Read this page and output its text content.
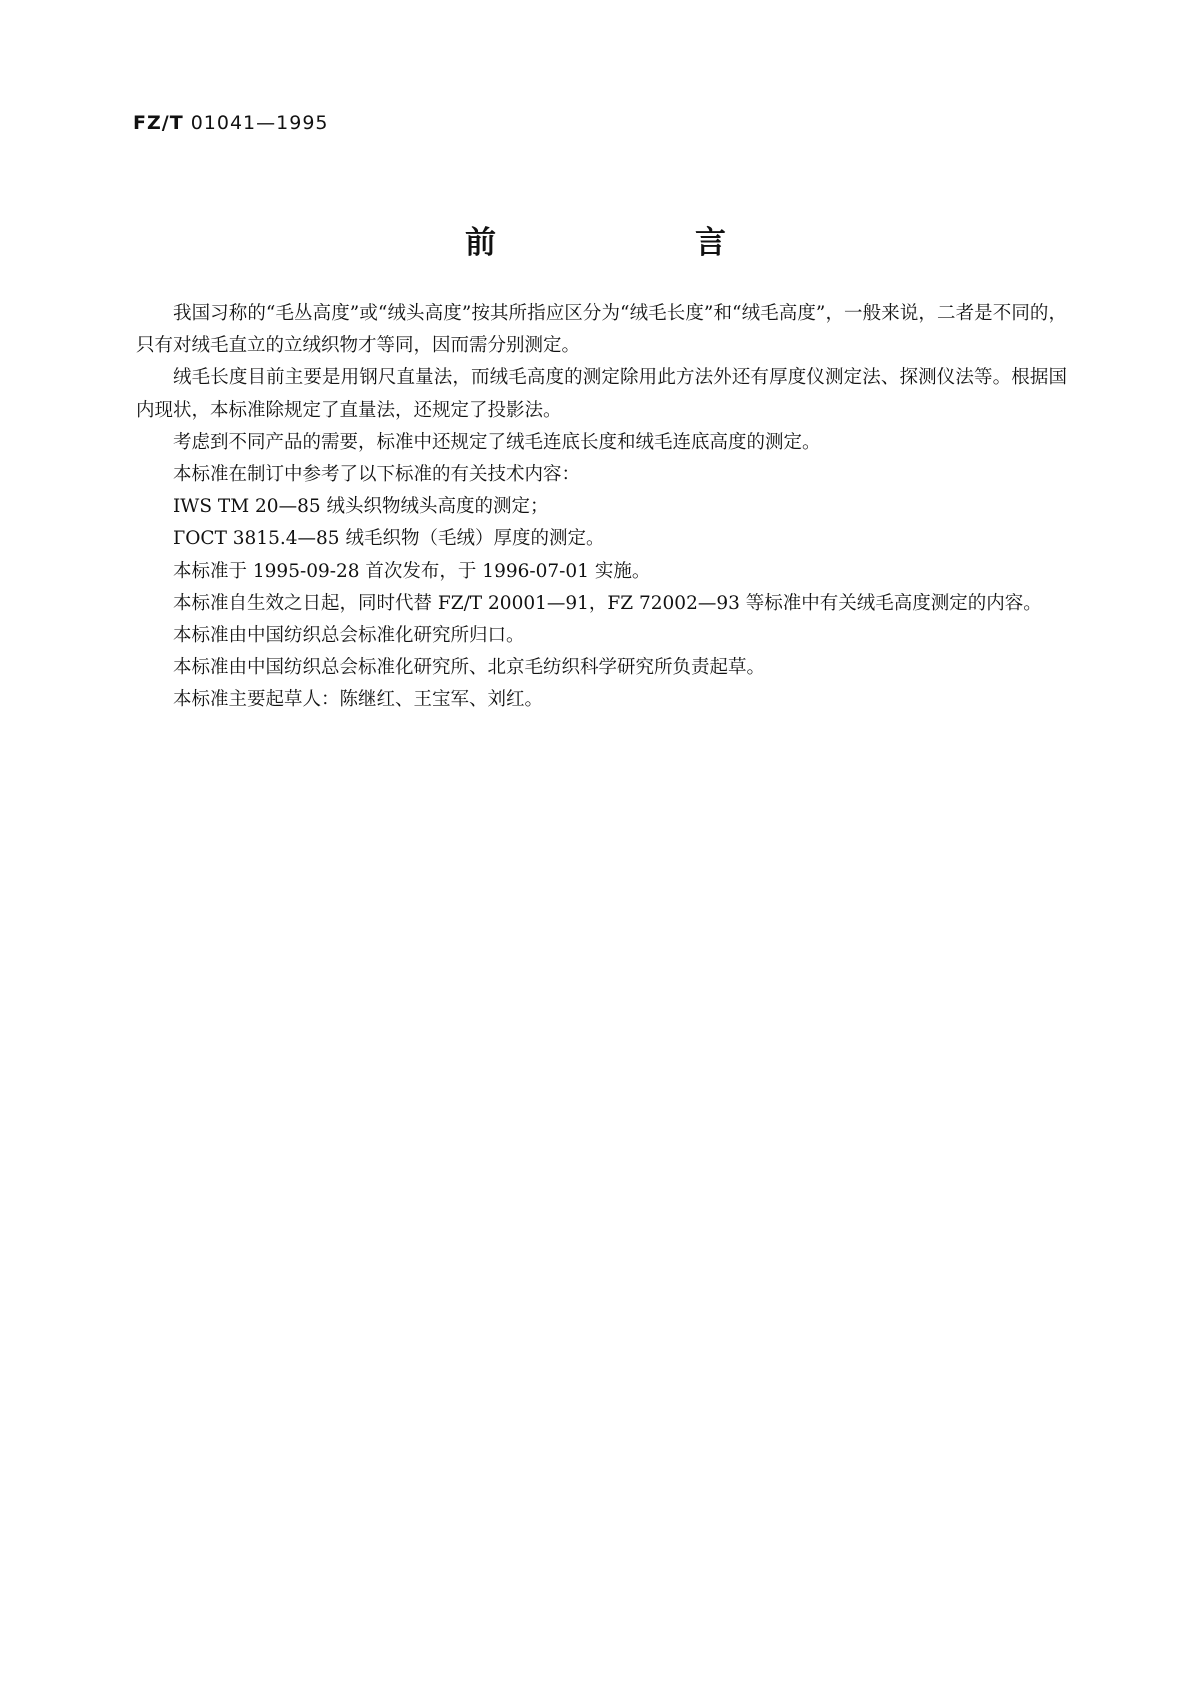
FZ/T 01041—1995

前　言

我国习称的“毛丛高度”或“绒头高度”按其所指应区分为“绒毛长度”和“绒毛高度”，一般来说，二者是不同的，只有对绒毛直立的立绒织物才等同，因而需分别测定。

绒毛长度目前主要是用钢尺直量法，而绒毛高度的测定除用此方法外还有厚度仪测定法、探测仪法等。根据国内现状，本标准除规定了直量法，还规定了投影法。

考虑到不同产品的需要，标准中还规定了绒毛连底长度和绒毛连底高度的测定。

本标准在制订中参考了以下标准的有关技术内容：

IWS TM 20—85 绒头织物绒头高度的测定；

ГОСТ 3815.4—85 绒毛织物（毛绒）厚度的测定。

本标准于 1995-09-28 首次发布，于 1996-07-01 实施。

本标准自生效之日起，同时代替 FZ/T 20001—91，FZ 72002—93 等标准中有关绒毛高度测定的内容。

本标准由中国纺织总会标准化研究所归口。

本标准由中国纺织总会标准化研究所、北京毛纺织科学研究所负责起草。

本标准主要起草人：陈继红、王宝军、刘红。
